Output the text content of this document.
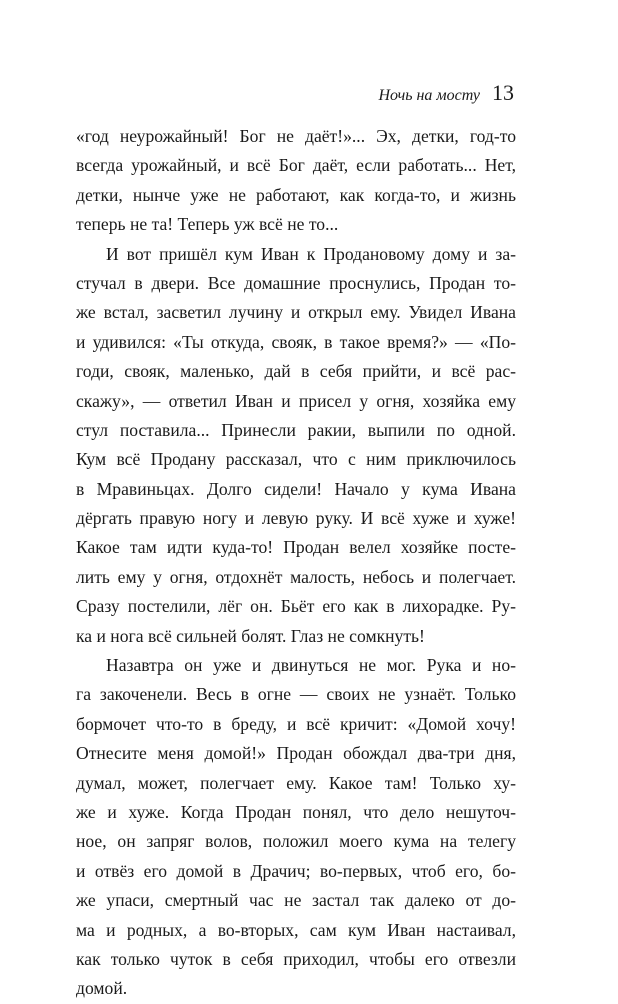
Ночь на мосту 13
«год неурожайный! Бог не даёт!»... Эх, детки, год-то
всегда урожайный, и всё Бог даёт, если работать... Нет,
детки, нынче уже не работают, как когда-то, и жизнь
теперь не та! Теперь уж всё не то...
И вот пришёл кум Иван к Продановому дому и за-
стучал в двери. Все домашние проснулись, Продан то-
же встал, засветил лучину и открыл ему. Увидел Ивана
и удивился: «Ты откуда, свояк, в такое время?» — «По-
годи, свояк, маленько, дай в себя прийти, и всё рас-
скажу», — ответил Иван и присел у огня, хозяйка ему
стул поставила... Принесли ракии, выпили по одной.
Кум всё Продану рассказал, что с ним приключилось
в Мравиньцах. Долго сидели! Начало у кума Ивана
дёргать правую ногу и левую руку. И всё хуже и хуже!
Какое там идти куда-то! Продан велел хозяйке посте-
лить ему у огня, отдохнёт малость, небось и полегчает.
Сразу постелили, лёг он. Бьёт его как в лихорадке. Ру-
ка и нога всё сильней болят. Глаз не сомкнуть!
Назавтра он уже и двинуться не мог. Рука и но-
га закоченели. Весь в огне — своих не узнаёт. Только
бормочет что-то в бреду, и всё кричит: «Домой хочу!
Отнесите меня домой!» Продан обождал два-три дня,
думал, может, полегчает ему. Какое там! Только ху-
же и хуже. Когда Продан понял, что дело нешуточ-
ное, он запряг волов, положил моего кума на телегу
и отвёз его домой в Драчич; во-первых, чтоб его, бо-
же упаси, смертный час не застал так далеко от до-
ма и родных, а во-вторых, сам кум Иван настаивал,
как только чуток в себя приходил, чтобы его отвезли
домой.
